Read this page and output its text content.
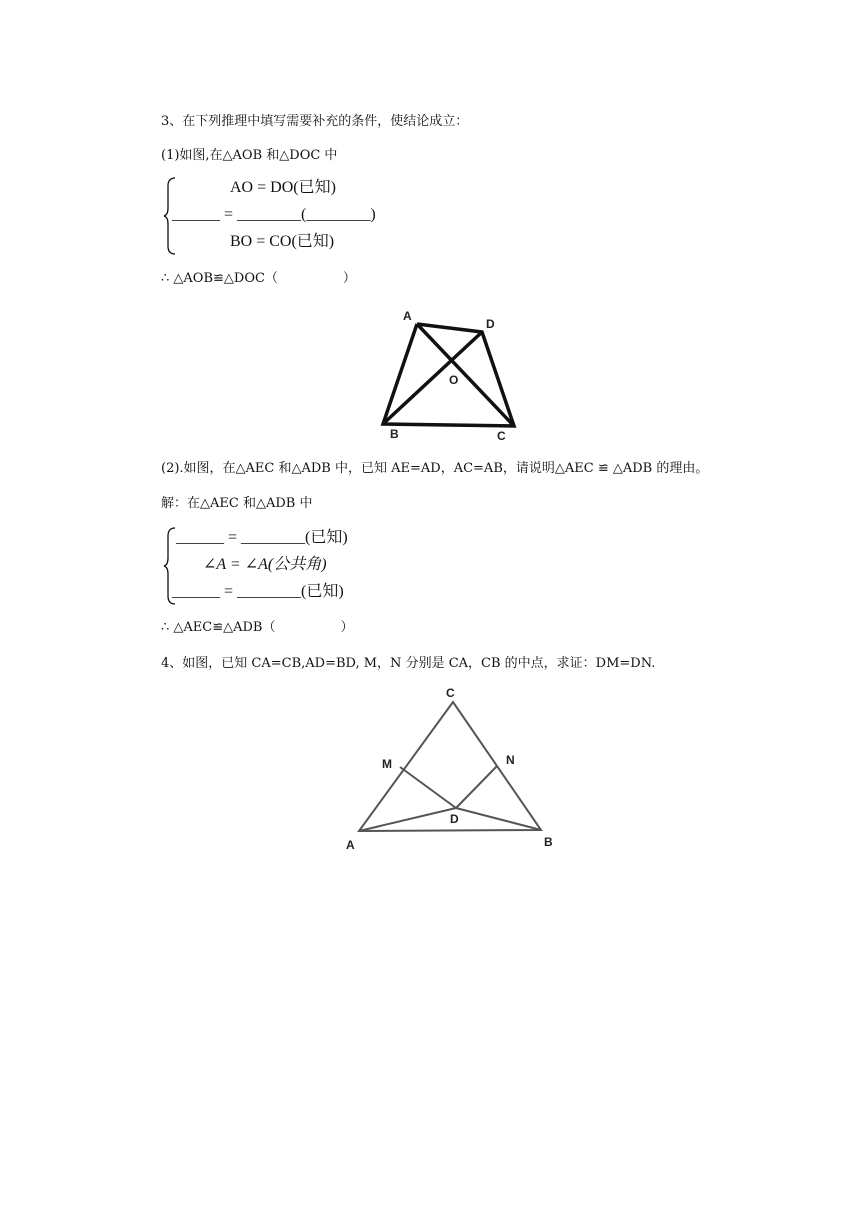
3、在下列推理中填写需要补充的条件，使结论成立：
(1)如图,在△AOB 和△DOC 中
AO = DO(已知)
______ = ________(________)
BO = CO(已知)
∴ △AOB≌△DOC（　　　　　）
A
D
O
B	C
(2).如图，在△AEC 和△ADB 中，已知 AE=AD，AC=AB，请说明△AEC ≌ △ADB 的理由。
解：在△AEC 和△ADB 中
______ = ________(已知)
∠A = ∠A(公共角)
______ = ________(已知)
∴ △AEC≌△ADB（　　　　　）
4、如图，已知 CA=CB,AD=BD, M，N 分别是 CA，CB 的中点，求证：DM=DN.
C
M	N
D
A	B
